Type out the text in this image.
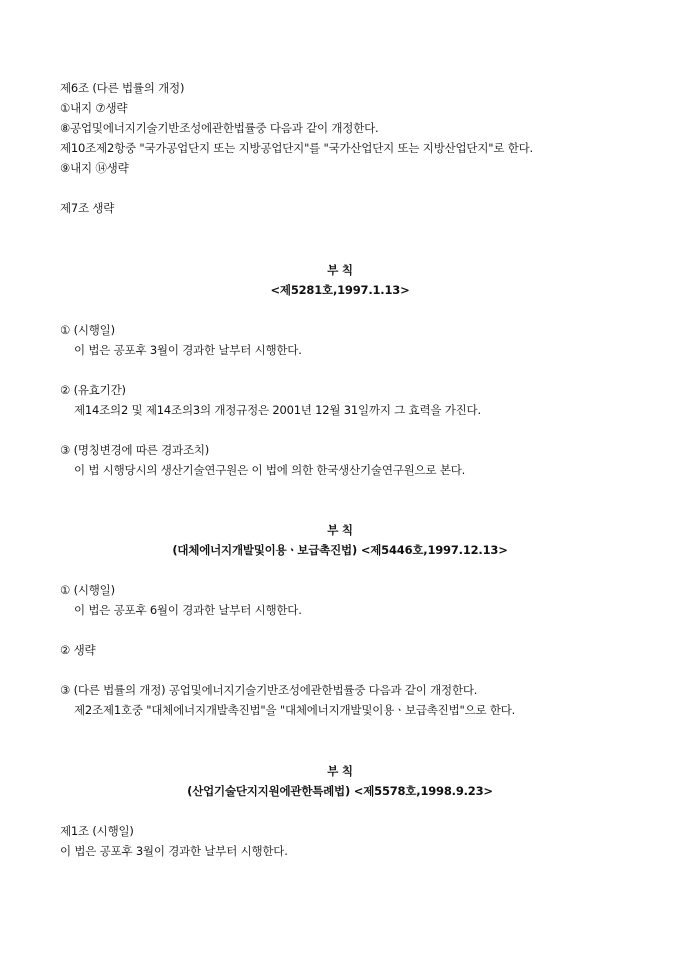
제6조 (다른 법률의 개정)
①내지 ⑦생략
⑧공업및에너지기술기반조성에관한법률중 다음과 같이 개정한다.
제10조제2항중 "국가공업단지 또는 지방공업단지"를 "국가산업단지 또는 지방산업단지"로 한다.
⑨내지 ⑭생략
제7조 생략
부 칙
<제5281호,1997.1.13>
① (시행일)
이 법은 공포후 3월이 경과한 날부터 시행한다.
② (유효기간)
제14조의2 및 제14조의3의 개정규정은 2001년 12월 31일까지 그 효력을 가진다.
③ (명칭변경에 따른 경과조치)
이 법 시행당시의 생산기술연구원은 이 법에 의한 한국생산기술연구원으로 본다.
부 칙
(대체에너지개발및이용ㆍ보급촉진법) <제5446호,1997.12.13>
① (시행일)
이 법은 공포후 6월이 경과한 날부터 시행한다.
② 생략
③ (다른 법률의 개정) 공업및에너지기술기반조성에관한법률중 다음과 같이 개정한다.
제2조제1호중 "대체에너지개발촉진법"을 "대체에너지개발및이용ㆍ보급촉진법"으로 한다.
부 칙
(산업기술단지지원에관한특례법) <제5578호,1998.9.23>
제1조 (시행일)
이 법은 공포후 3월이 경과한 날부터 시행한다.
